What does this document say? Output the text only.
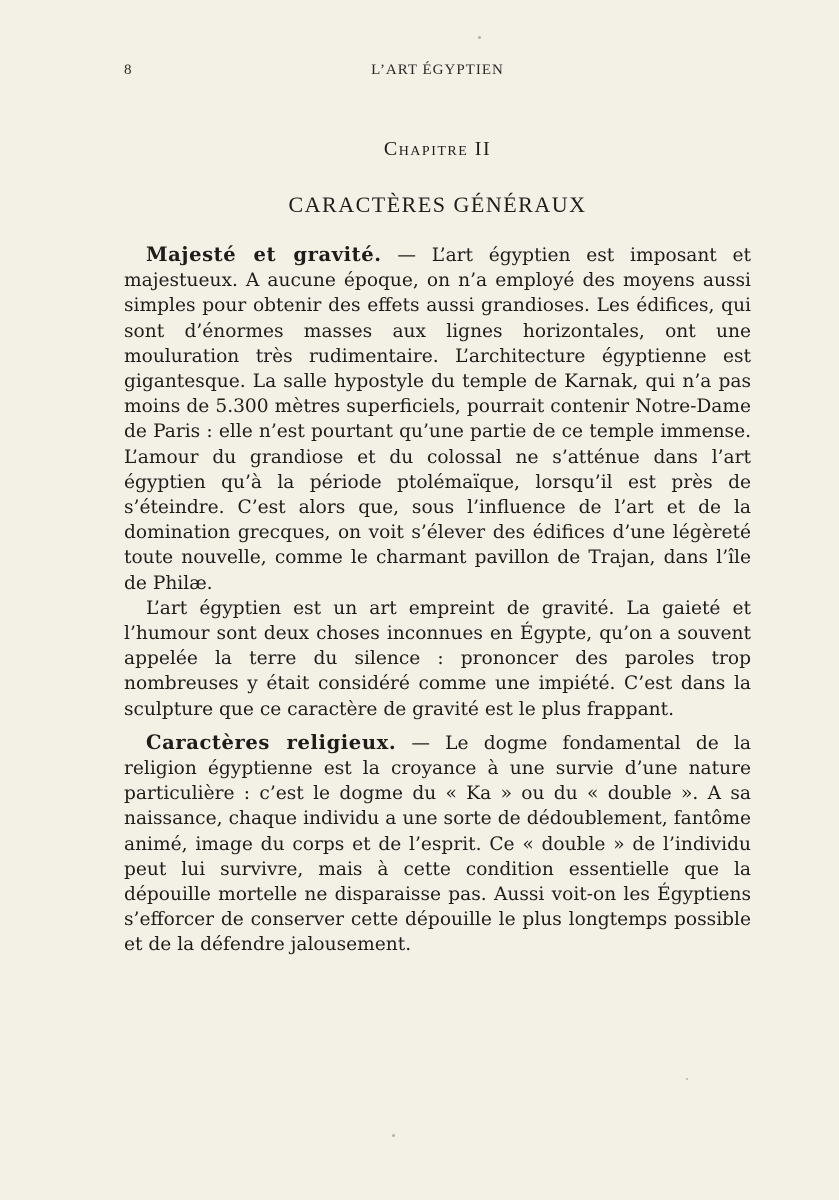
8	L’ART ÉGYPTIEN
Chapitre II
CARACTÈRES GÉNÉRAUX

Majesté et gravité. — L’art égyptien est imposant et majestueux. A aucune époque, on n’a employé des moyens aussi simples pour obtenir des effets aussi grandioses. Les édifices, qui sont d’énormes masses aux lignes horizontales, ont une mouluration très rudimentaire. L’architecture égyptienne est gigantesque. La salle hypostyle du temple de Karnak, qui n’a pas moins de 5.300 mètres superficiels, pourrait contenir Notre-Dame de Paris : elle n’est pourtant qu’une partie de ce temple immense. L’amour du grandiose et du colossal ne s’atténue dans l’art égyptien qu’à la période ptolémaïque, lorsqu’il est près de s’éteindre. C’est alors que, sous l’influence de l’art et de la domination grecques, on voit s’élever des édifices d’une légèreté toute nouvelle, comme le charmant pavillon de Trajan, dans l’île de Philæ.

L’art égyptien est un art empreint de gravité. La gaieté et l’humour sont deux choses inconnues en Égypte, qu’on a souvent appelée la terre du silence : prononcer des paroles trop nombreuses y était considéré comme une impiété. C’est dans la sculpture que ce caractère de gravité est le plus frappant.

Caractères religieux. — Le dogme fondamental de la religion égyptienne est la croyance à une survie d’une nature particulière : c’est le dogme du « Ka » ou du « double ». A sa naissance, chaque individu a une sorte de dédoublement, fantôme animé, image du corps et de l’esprit. Ce « double » de l’individu peut lui survivre, mais à cette condition essentielle que la dépouille mortelle ne disparaisse pas. Aussi voit-on les Égyptiens s’efforcer de conserver cette dépouille le plus longtemps possible et de la défendre jalousement.
